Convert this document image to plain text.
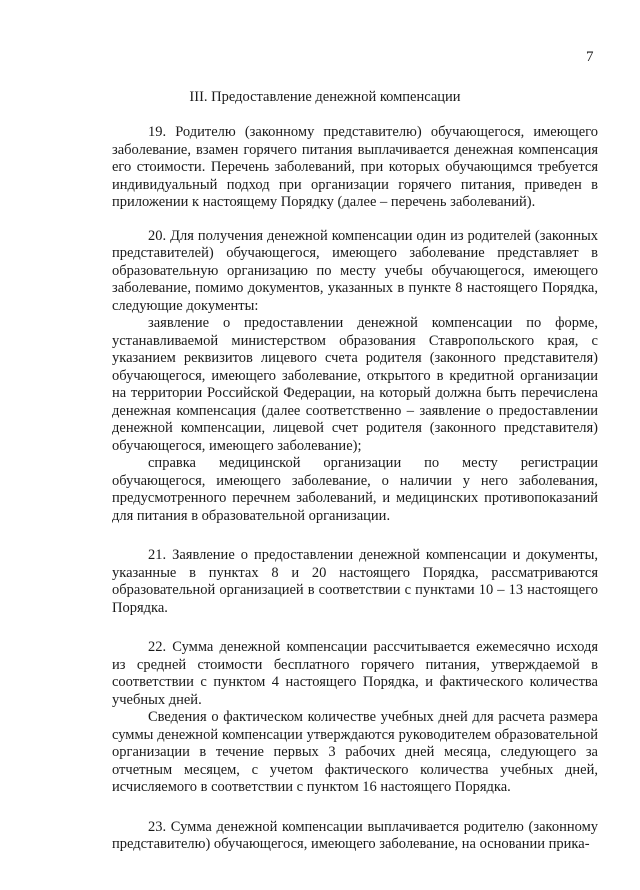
7
III. Предоставление денежной компенсации

19. Родителю (законному представителю) обучающегося, имеющего заболевание, взамен горячего питания выплачивается денежная компенсация его стоимости. Перечень заболеваний, при которых обучающимся требуется индивидуальный подход при организации горячего питания, приведен в приложении к настоящему Порядку (далее – перечень заболеваний).

20. Для получения денежной компенсации один из родителей (законных представителей) обучающегося, имеющего заболевание представляет в образовательную организацию по месту учебы обучающегося, имеющего заболевание, помимо документов, указанных в пункте 8 настоящего Порядка, следующие документы:

заявление о предоставлении денежной компенсации по форме, устанавливаемой министерством образования Ставропольского края, с указанием реквизитов лицевого счета родителя (законного представителя) обучающегося, имеющего заболевание, открытого в кредитной организации на территории Российской Федерации, на который должна быть перечислена денежная компенсация (далее соответственно – заявление о предоставлении денежной компенсации, лицевой счет родителя (законного представителя) обучающегося, имеющего заболевание);

справка медицинской организации по месту регистрации обучающегося, имеющего заболевание, о наличии у него заболевания, предусмотренного перечнем заболеваний, и медицинских противопоказаний для питания в образовательной организации.

21. Заявление о предоставлении денежной компенсации и документы, указанные в пунктах 8 и 20 настоящего Порядка, рассматриваются образовательной организацией в соответствии с пунктами 10 – 13 настоящего Порядка.

22. Сумма денежной компенсации рассчитывается ежемесячно исходя из средней стоимости бесплатного горячего питания, утверждаемой в соответствии с пунктом 4 настоящего Порядка, и фактического количества учебных дней.

Сведения о фактическом количестве учебных дней для расчета размера суммы денежной компенсации утверждаются руководителем образовательной организации в течение первых 3 рабочих дней месяца, следующего за отчетным месяцем, с учетом фактического количества учебных дней, исчисляемого в соответствии с пунктом 16 настоящего Порядка.

23. Сумма денежной компенсации выплачивается родителю (законному представителю) обучающегося, имеющего заболевание, на основании прика-
